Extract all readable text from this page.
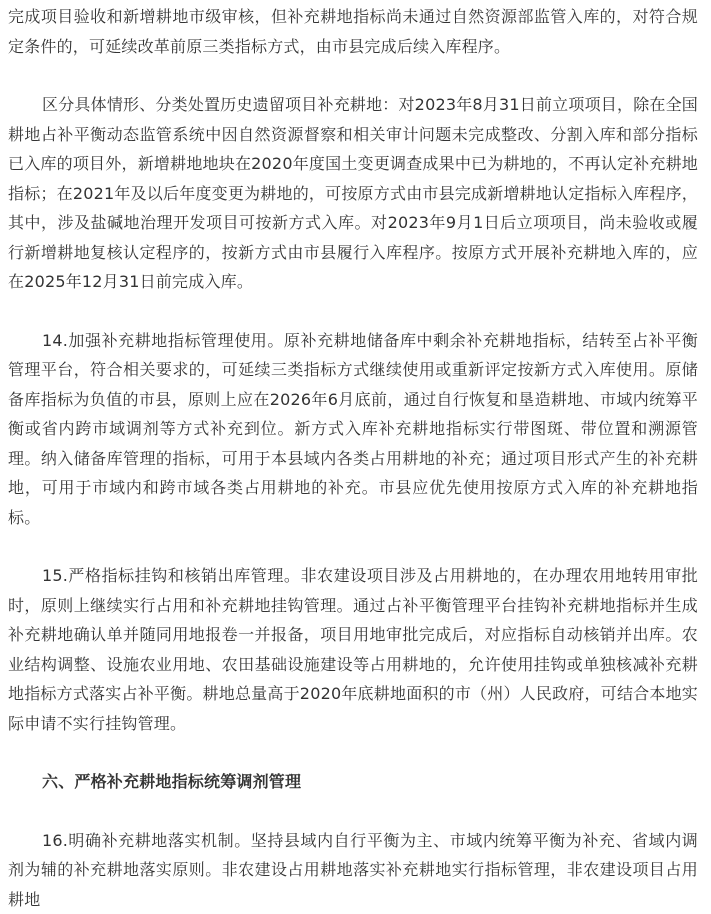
完成项目验收和新增耕地市级审核，但补充耕地指标尚未通过自然资源部监管入库的，对符合规定条件的，可延续改革前原三类指标方式，由市县完成后续入库程序。

区分具体情形、分类处置历史遗留项目补充耕地：对2023年8月31日前立项项目，除在全国耕地占补平衡动态监管系统中因自然资源督察和相关审计问题未完成整改、分割入库和部分指标已入库的项目外，新增耕地地块在2020年度国土变更调查成果中已为耕地的，不再认定补充耕地指标；在2021年及以后年度变更为耕地的，可按原方式由市县完成新增耕地认定指标入库程序，其中，涉及盐碱地治理开发项目可按新方式入库。对2023年9月1日后立项项目，尚未验收或履行新增耕地复核认定程序的，按新方式由市县履行入库程序。按原方式开展补充耕地入库的，应在2025年12月31日前完成入库。

14.加强补充耕地指标管理使用。原补充耕地储备库中剩余补充耕地指标，结转至占补平衡管理平台，符合相关要求的，可延续三类指标方式继续使用或重新评定按新方式入库使用。原储备库指标为负值的市县，原则上应在2026年6月底前，通过自行恢复和垦造耕地、市域内统筹平衡或省内跨市域调剂等方式补充到位。新方式入库补充耕地指标实行带图斑、带位置和溯源管理。纳入储备库管理的指标，可用于本县域内各类占用耕地的补充；通过项目形式产生的补充耕地，可用于市域内和跨市域各类占用耕地的补充。市县应优先使用按原方式入库的补充耕地指标。

15.严格指标挂钩和核销出库管理。非农建设项目涉及占用耕地的，在办理农用地转用审批时，原则上继续实行占用和补充耕地挂钩管理。通过占补平衡管理平台挂钩补充耕地指标并生成补充耕地确认单并随同用地报卷一并报备，项目用地审批完成后，对应指标自动核销并出库。农业结构调整、设施农业用地、农田基础设施建设等占用耕地的，允许使用挂钩或单独核减补充耕地指标方式落实占补平衡。耕地总量高于2020年底耕地面积的市（州）人民政府，可结合本地实际申请不实行挂钩管理。

六、严格补充耕地指标统筹调剂管理

16.明确补充耕地落实机制。坚持县域内自行平衡为主、市域内统筹平衡为补充、省域内调剂为辅的补充耕地落实原则。非农建设占用耕地落实补充耕地实行指标管理，非农建设项目占用耕地
